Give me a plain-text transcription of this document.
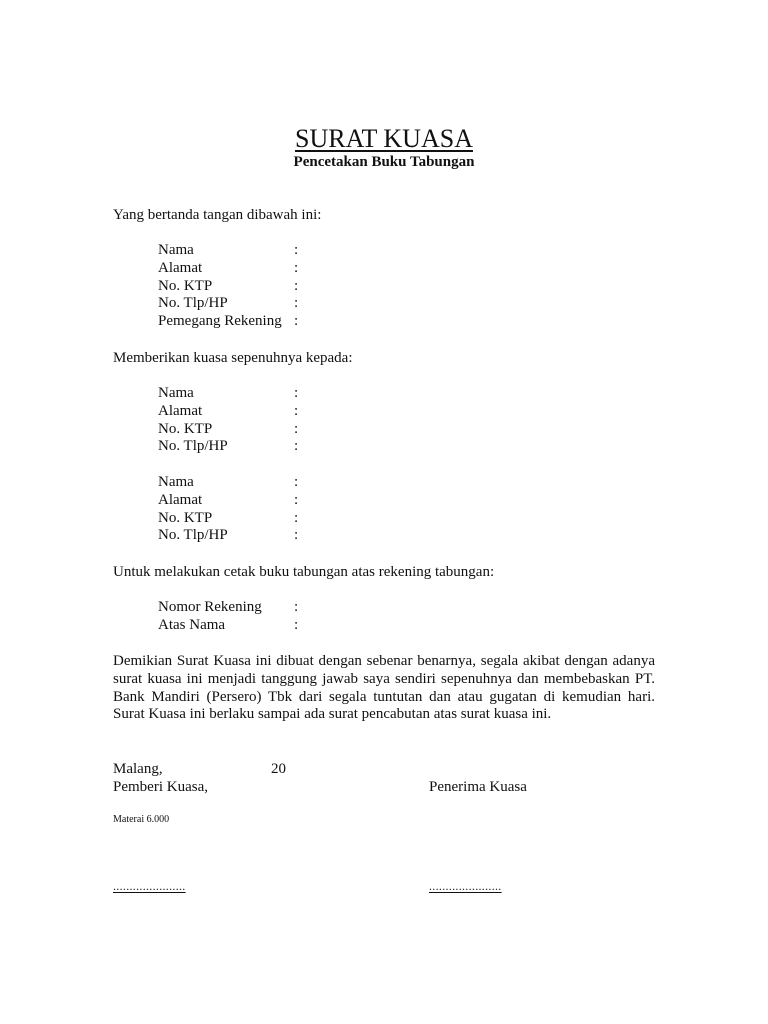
SURAT KUASA
Pencetakan Buku Tabungan
Yang bertanda tangan dibawah ini:
Nama	:
Alamat	:
No. KTP	:
No. Tlp/HP	:
Pemegang Rekening :
Memberikan kuasa sepenuhnya kepada:
Nama	:
Alamat	:
No. KTP	:
No. Tlp/HP	:
Nama	:
Alamat	:
No. KTP	:
No. Tlp/HP	:
Untuk melakukan cetak buku tabungan atas rekening tabungan:
Nomor Rekening :
Atas Nama	:
Demikian Surat Kuasa ini dibuat dengan sebenar benarnya, segala akibat dengan adanya
surat kuasa ini menjadi tanggung jawab saya sendiri sepenuhnya dan membebaskan PT.
Bank Mandiri (Persero) Tbk dari segala tuntutan dan atau gugatan di kemudian hari.
Surat Kuasa ini berlaku sampai ada surat pencabutan atas surat kuasa ini.
Malang,	20
Pemberi Kuasa,	Penerima Kuasa
Materai 6.000
......................	......................
